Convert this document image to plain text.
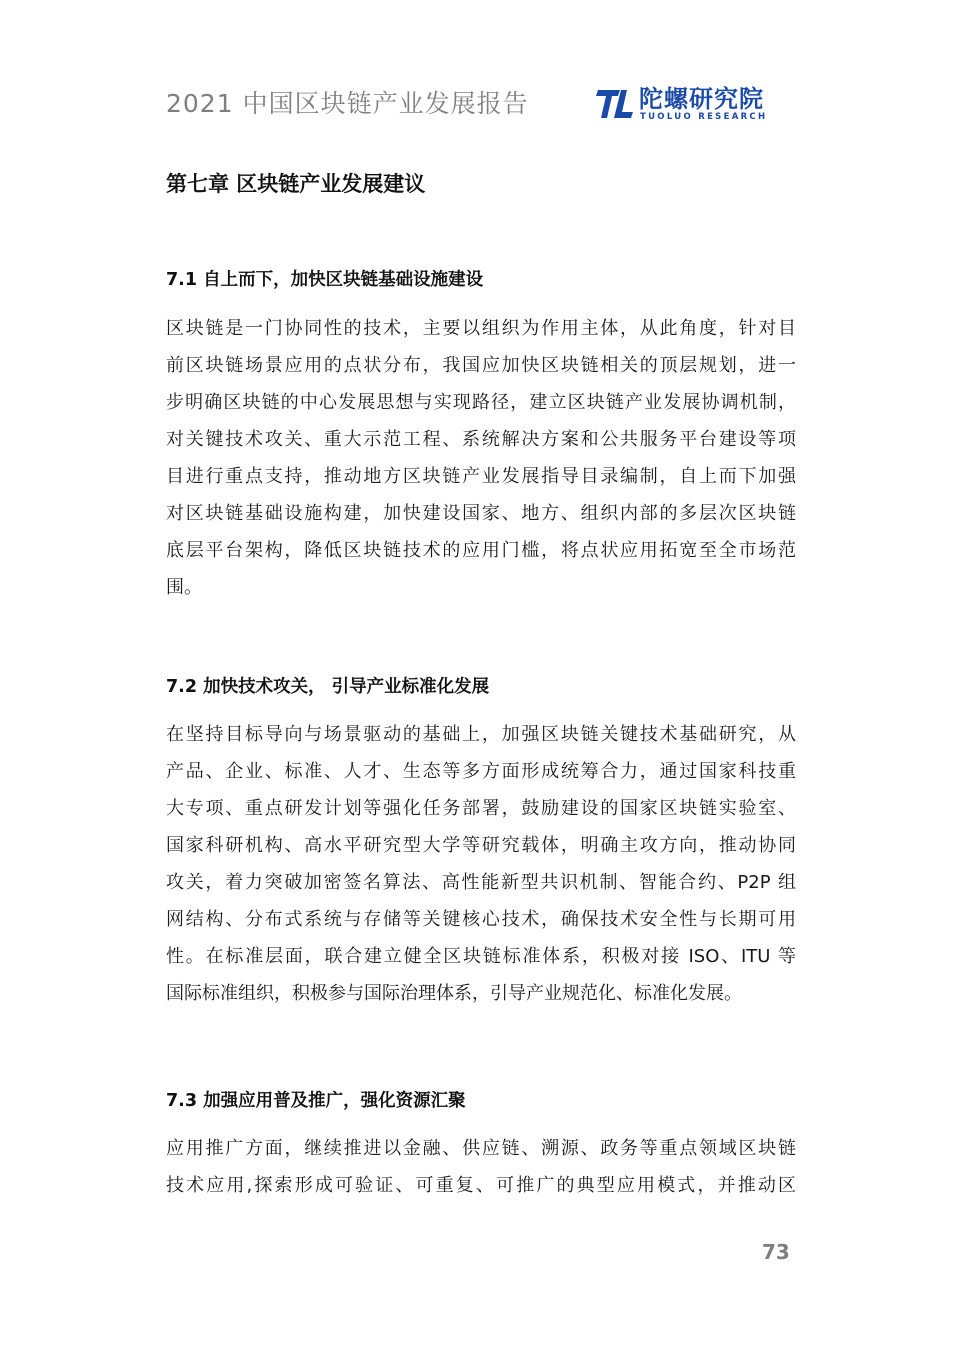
2021 中国区块链产业发展报告	陀螺研究院
TUOLUO RESEARCH
第七章 区块链产业发展建议
7.1 自上而下，加快区块链基础设施建设
区块链是一门协同性的技术，主要以组织为作用主体，从此角度，针对目
前区块链场景应用的点状分布，我国应加快区块链相关的顶层规划，进一
步明确区块链的中心发展思想与实现路径，建立区块链产业发展协调机制，
对关键技术攻关、重大示范工程、系统解决方案和公共服务平台建设等项
目进行重点支持，推动地方区块链产业发展指导目录编制，自上而下加强
对区块链基础设施构建，加快建设国家、地方、组织内部的多层次区块链
底层平台架构，降低区块链技术的应用门槛，将点状应用拓宽至全市场范
围。
7.2 加快技术攻关， 引导产业标准化发展
在坚持目标导向与场景驱动的基础上，加强区块链关键技术基础研究，从
产品、企业、标准、人才、生态等多方面形成统筹合力，通过国家科技重
大专项、重点研发计划等强化任务部署，鼓励建设的国家区块链实验室、
国家科研机构、高水平研究型大学等研究载体，明确主攻方向，推动协同
攻关，着力突破加密签名算法、高性能新型共识机制、智能合约、P2P 组
网结构、分布式系统与存储等关键核心技术，确保技术安全性与长期可用
性。在标准层面，联合建立健全区块链标准体系，积极对接 ISO、ITU 等
国际标准组织，积极参与国际治理体系，引导产业规范化、标准化发展。
7.3 加强应用普及推广，强化资源汇聚
应用推广方面，继续推进以金融、供应链、溯源、政务等重点领域区块链
技术应用,探索形成可验证、可重复、可推广的典型应用模式，并推动区
73
